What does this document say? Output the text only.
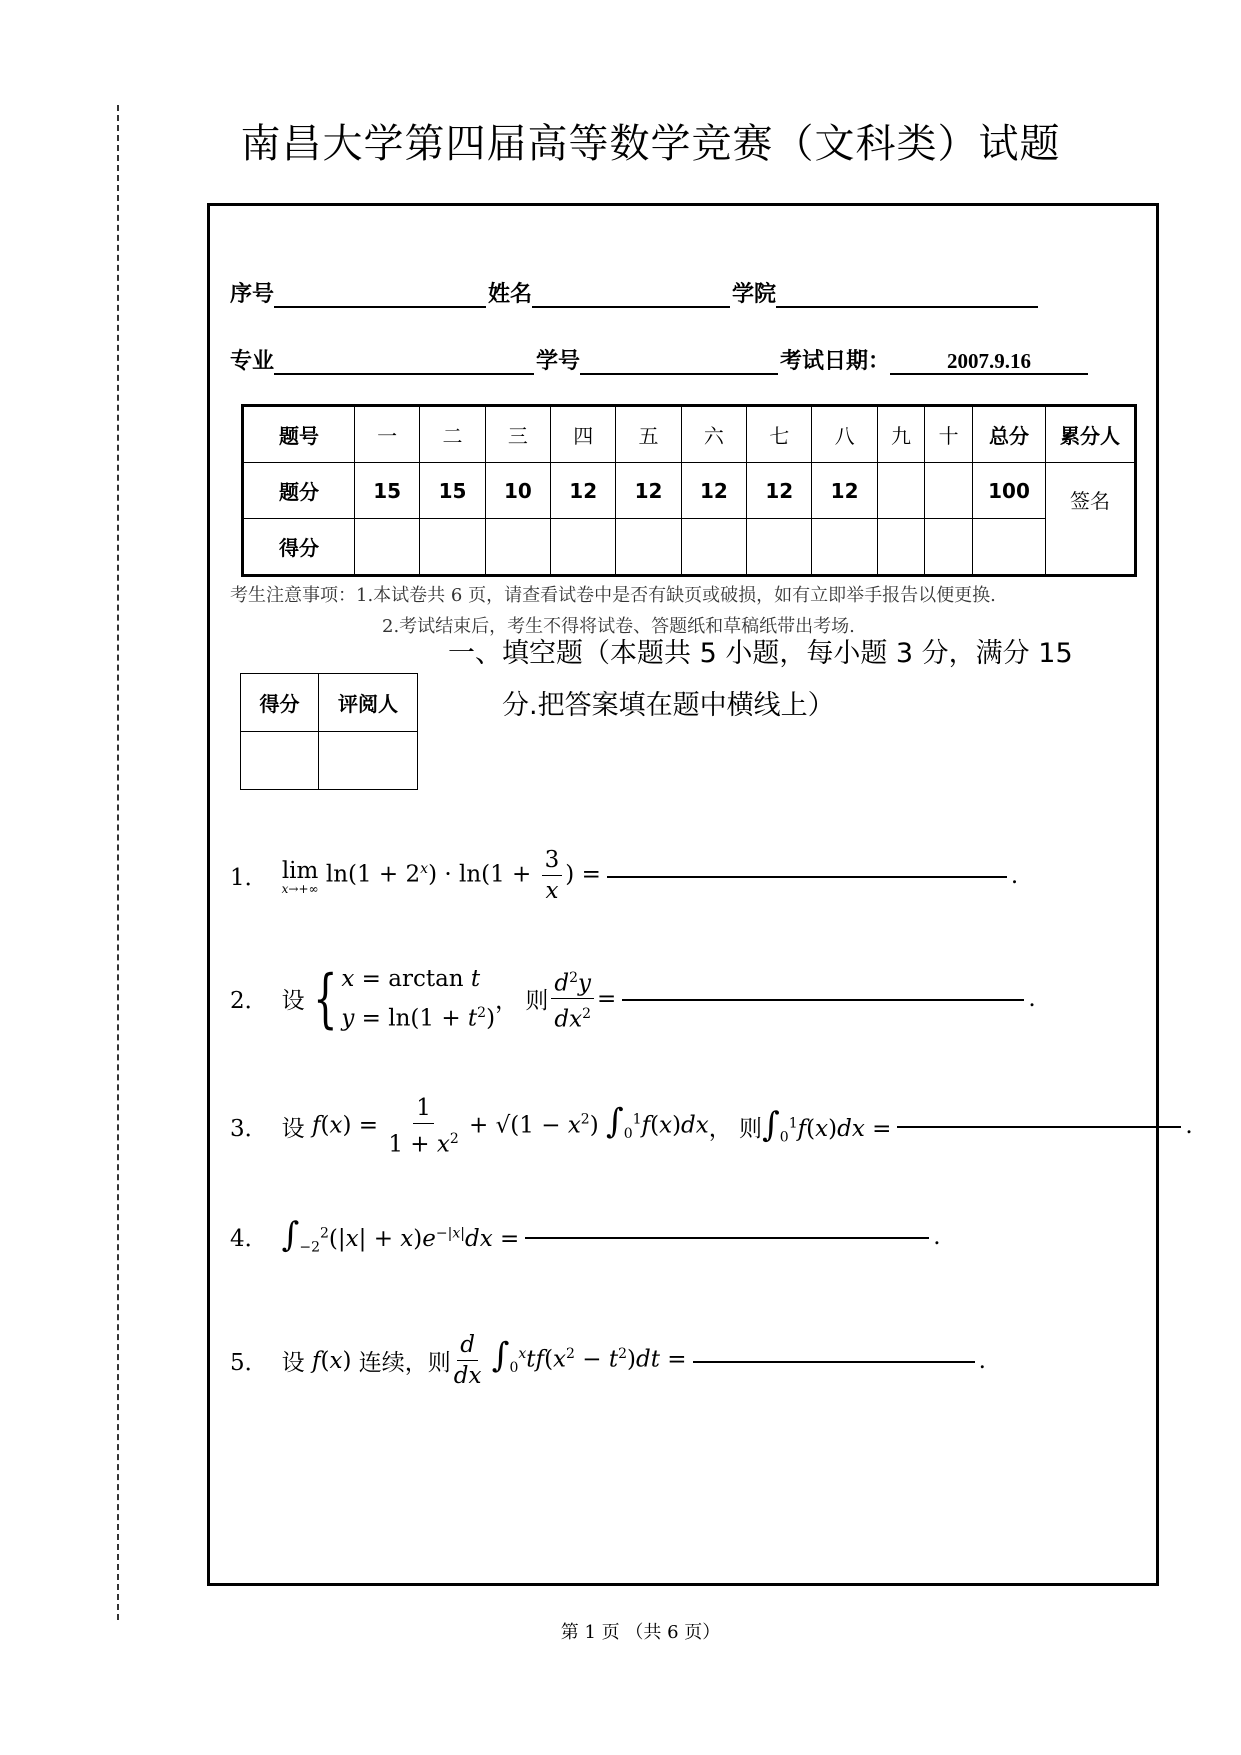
南昌大学第四届高等数学竞赛（文科类）试题
序号	姓名	学院
专业	学号	考试日期：	2007.9.16
题号	一	二	三	四	五	六	七	八	九	十	总分	累分人
题分	15	15	10	12	12	12	12	12			100	签名
得分												
考生注意事项：1.本试卷共 6 页，请查看试卷中是否有缺页或破损，如有立即举手报告以便更换.
2.考试结束后，考生不得将试卷、答题纸和草稿纸带出考场.
一、填空题（本题共 5 小题，每小题 3 分，满分 15
分.把答案填在题中横线上）
得分	评阅人

1． lim
x→+∞
$\ln(1 + 2^x) \cdot \ln(1 + \frac{3}{x}$ ) =	.
2． 设 { x = arctan t
$y = \ln(1 + t^2)$
， 则 $\frac{d^2y}{dx^2}$ =	.
3． 设 $f(x) = \frac{1}{1 + x^2} + √(1 - x^2)$ $\int_0^1f(x)dx$ ， 则 $\int_0^1f(x)dx$ =	.
4． $\int_{-2}^2(|x| + x)e^{-|x|}dx$ =	.
5． 设 f(x) 连续，则 $\frac{d}{dx} \int_0^xtf(x^2 - t^2)dt$ =	.
第 1 页 （共 6 页）
